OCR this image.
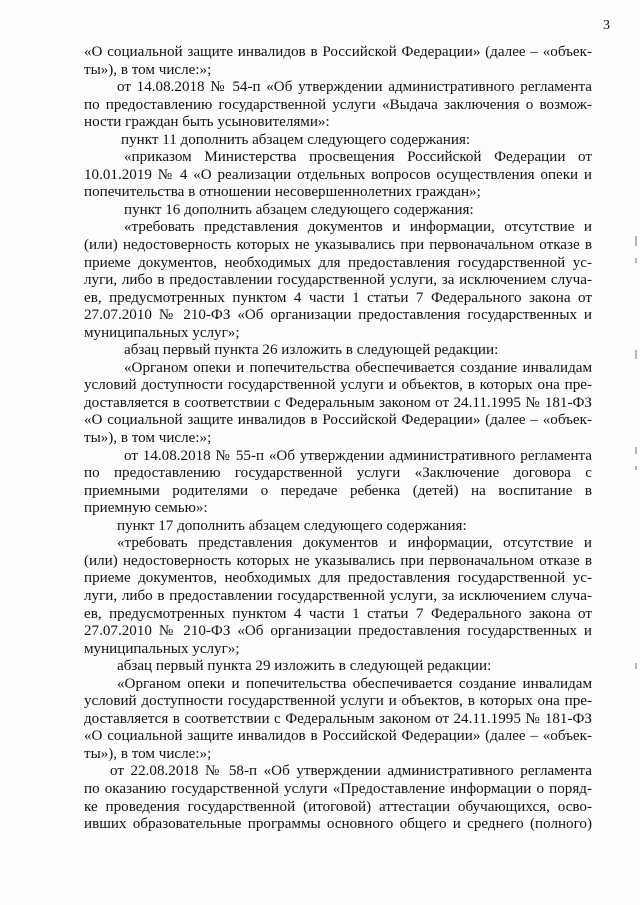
3
«О социальной защите инвалидов в Российской Федерации» (далее – «объек-
ты»), в том числе:»;
от 14.08.2018 № 54-п «Об утверждении административного регламента
по предоставлению государственной услуги «Выдача заключения о возмож-
ности граждан быть усыновителями»:
пункт 11 дополнить абзацем следующего содержания:
«приказом Министерства просвещения Российской Федерации от
10.01.2019 № 4 «О реализации отдельных вопросов осуществления опеки и
попечительства в отношении несовершеннолетних граждан»;
пункт 16 дополнить абзацем следующего содержания:
«требовать представления документов и информации, отсутствие и
(или) недостоверность которых не указывались при первоначальном отказе в
приеме документов, необходимых для предоставления государственной ус-
луги, либо в предоставлении государственной услуги, за исключением случа-
ев, предусмотренных пунктом 4 части 1 статьи 7 Федерального закона от
27.07.2010 № 210-ФЗ «Об организации предоставления государственных и
муниципальных услуг»;
абзац первый пункта 26 изложить в следующей редакции:
«Органом опеки и попечительства обеспечивается создание инвалидам
условий доступности государственной услуги и объектов, в которых она пре-
доставляется в соответствии с Федеральным законом от 24.11.1995 № 181-ФЗ
«О социальной защите инвалидов в Российской Федерации» (далее – «объек-
ты»), в том числе:»;
от 14.08.2018 № 55-п «Об утверждении административного регламента
по предоставлению государственной услуги «Заключение договора с
приемными родителями о передаче ребенка (детей) на воспитание в
приемную семью»:
пункт 17 дополнить абзацем следующего содержания:
«требовать представления документов и информации, отсутствие и
(или) недостоверность которых не указывались при первоначальном отказе в
приеме документов, необходимых для предоставления государственной ус-
луги, либо в предоставлении государственной услуги, за исключением случа-
ев, предусмотренных пунктом 4 части 1 статьи 7 Федерального закона от
27.07.2010 № 210-ФЗ «Об организации предоставления государственных и
муниципальных услуг»;
абзац первый пункта 29 изложить в следующей редакции:
«Органом опеки и попечительства обеспечивается создание инвалидам
условий доступности государственной услуги и объектов, в которых она пре-
доставляется в соответствии с Федеральным законом от 24.11.1995 № 181-ФЗ
«О социальной защите инвалидов в Российской Федерации» (далее – «объек-
ты»), в том числе:»;
от 22.08.2018 № 58-п «Об утверждении административного регламента
по оказанию государственной услуги «Предоставление информации о поряд-
ке проведения государственной (итоговой) аттестации обучающихся, осво-
ивших образовательные программы основного общего и среднего (полного)
